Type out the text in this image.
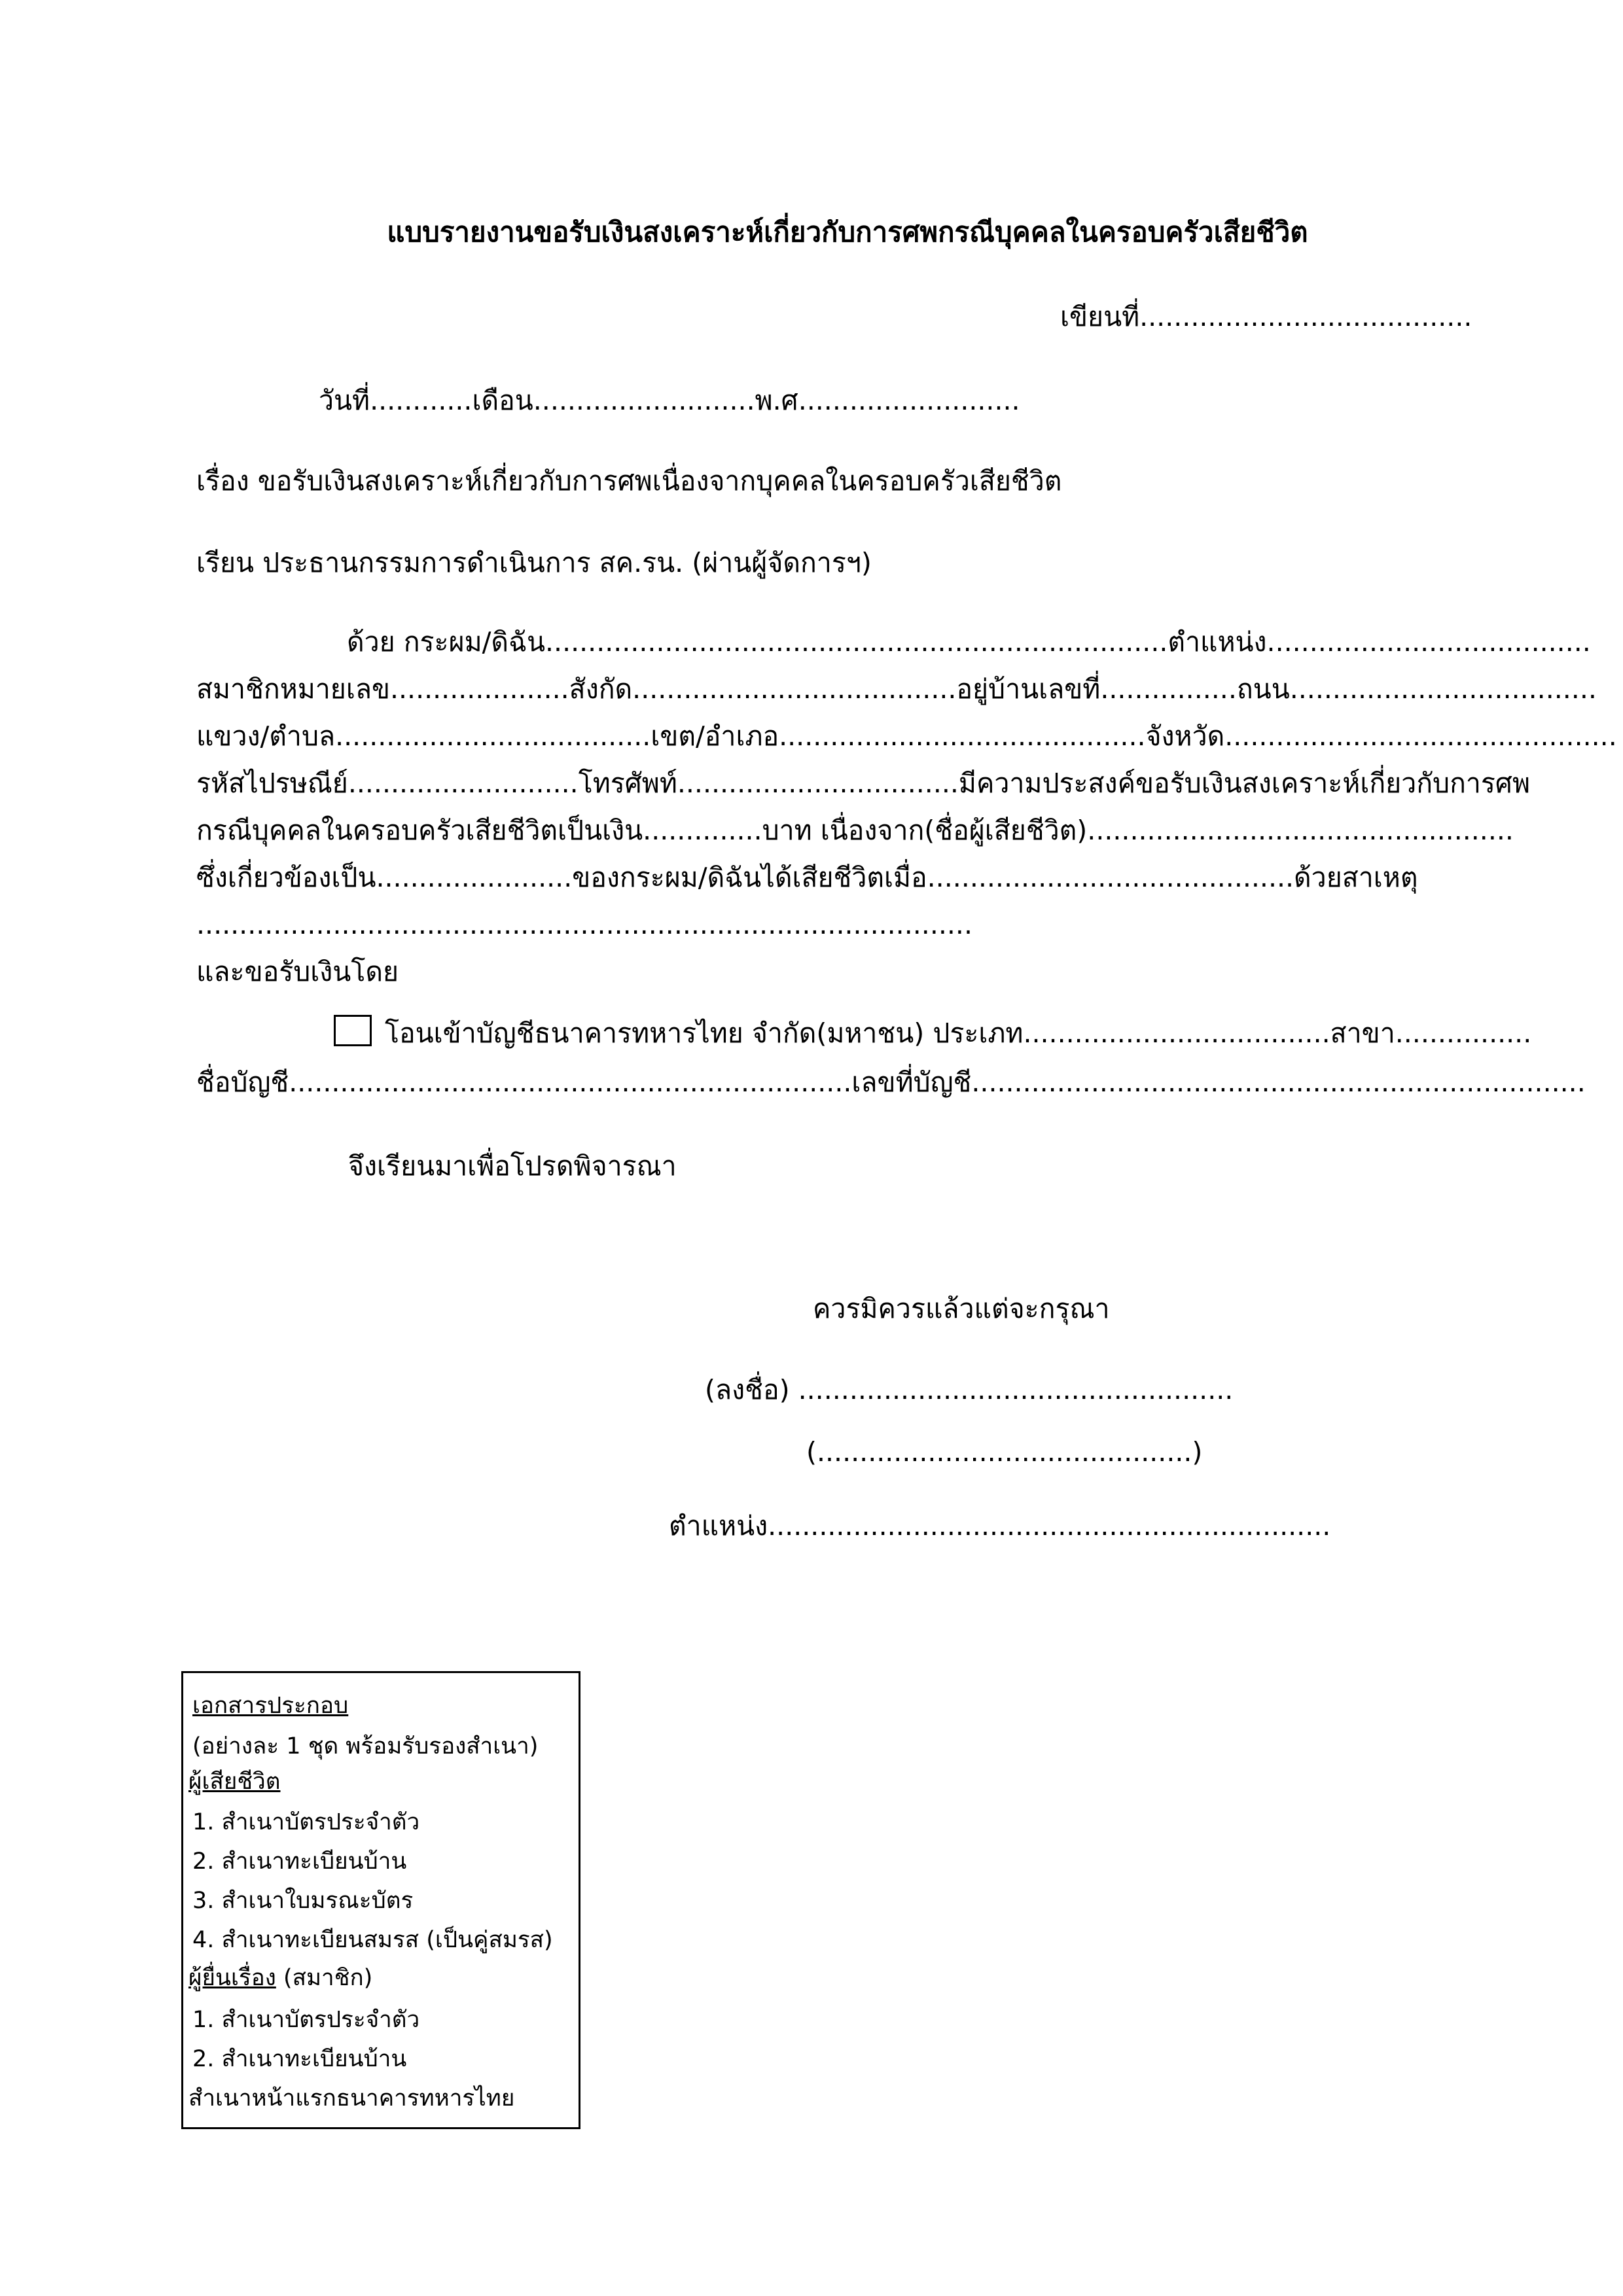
แบบรายงานขอรับเงินสงเคราะห์เกี่ยวกับการศพกรณีบุคคลในครอบครัวเสียชีวิต
เขียนที่.......................................
วันที่............เดือน..........................พ.ศ..........................
เรื่อง ขอรับเงินสงเคราะห์เกี่ยวกับการศพเนื่องจากบุคคลในครอบครัวเสียชีวิต
เรียน ประธานกรรมการดำเนินการ สค.รน. (ผ่านผู้จัดการฯ)
ด้วย กระผม/ดิฉัน.........................................................................ตำแหน่ง......................................
สมาชิกหมายเลข.....................สังกัด......................................อยู่บ้านเลขที่................ถนน....................................
แขวง/ตำบล.....................................เขต/อำเภอ...........................................จังหวัด..............................................
รหัสไปรษณีย์...........................โทรศัพท์.................................มีความประสงค์ขอรับเงินสงเคราะห์เกี่ยวกับการศพ
กรณีบุคคลในครอบครัวเสียชีวิตเป็นเงิน..............บาท เนื่องจาก(ชื่อผู้เสียชีวิต)..................................................
ซึ่งเกี่ยวข้องเป็น.......................ของกระผม/ดิฉันได้เสียชีวิตเมื่อ...........................................ด้วยสาเหตุ
...........................................................................................
และขอรับเงินโดย
โอนเข้าบัญชีธนาคารทหารไทย จำกัด(มหาชน) ประเภท....................................สาขา................
ชื่อบัญชี..................................................................เลขที่บัญชี........................................................................
จึงเรียนมาเพื่อโปรดพิจารณา
ควรมิควรแล้วแต่จะกรุณา
(ลงชื่อ) ...................................................
(............................................)
ตำแหน่ง..................................................................
เอกสารประกอบ
(อย่างละ 1 ชุด พร้อมรับรองสำเนา)
ผู้เสียชีวิต
1. สำเนาบัตรประจำตัว
2. สำเนาทะเบียนบ้าน
3. สำเนาใบมรณะบัตร
4. สำเนาทะเบียนสมรส (เป็นคู่สมรส)
ผู้ยื่นเรื่อง (สมาชิก)
1. สำเนาบัตรประจำตัว
2. สำเนาทะเบียนบ้าน
สำเนาหน้าแรกธนาคารทหารไทย
